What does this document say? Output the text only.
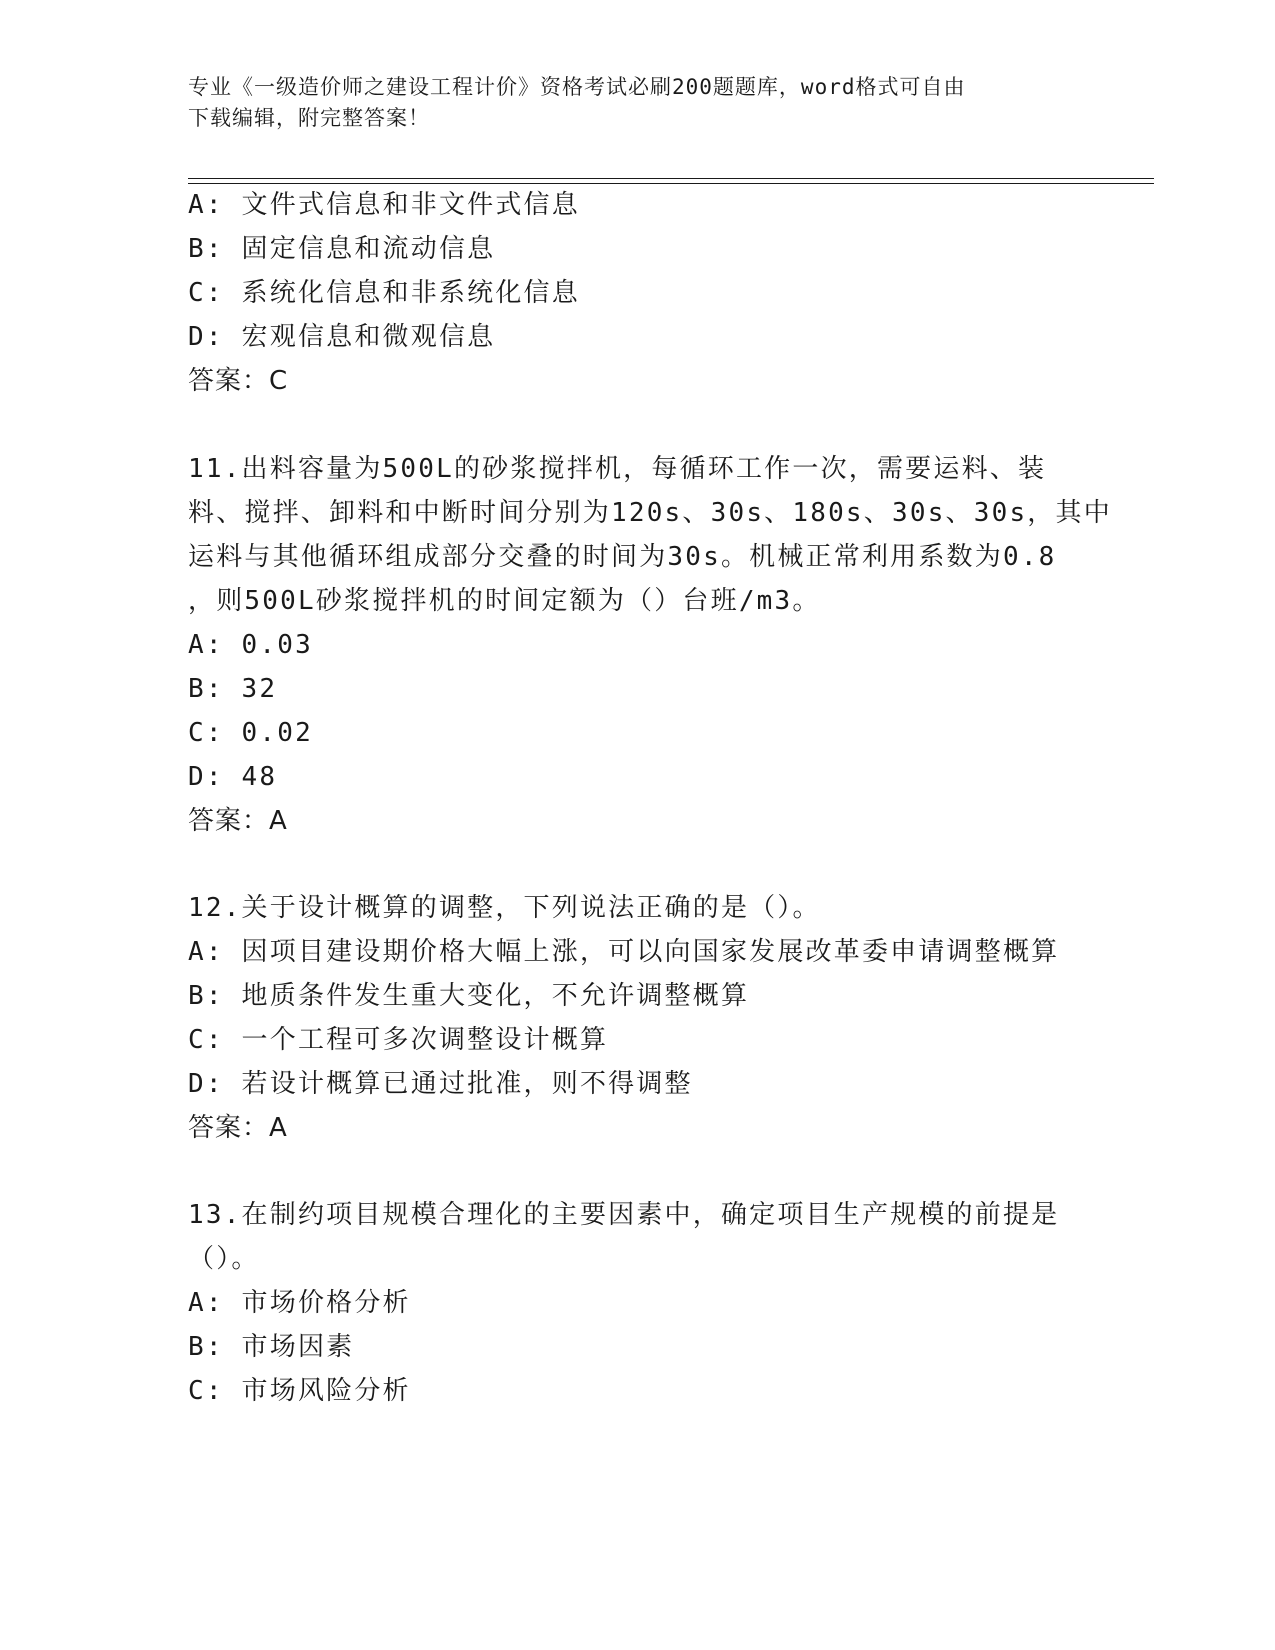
专业《一级造价师之建设工程计价》资格考试必刷200题题库，word格式可自由
下载编辑，附完整答案！
A: 文件式信息和非文件式信息
B: 固定信息和流动信息
C: 系统化信息和非系统化信息
D: 宏观信息和微观信息
答案：C
11.出料容量为500L的砂浆搅拌机，每循环工作一次，需要运料、装
料、搅拌、卸料和中断时间分别为120s、30s、180s、30s、30s，其中
运料与其他循环组成部分交叠的时间为30s。机械正常利用系数为0.8
，则500L砂浆搅拌机的时间定额为（）台班/m3。
A: 0.03
B: 32
C: 0.02
D: 48
答案：A
12.关于设计概算的调整，下列说法正确的是（）。
A: 因项目建设期价格大幅上涨，可以向国家发展改革委申请调整概算
B: 地质条件发生重大变化，不允许调整概算
C: 一个工程可多次调整设计概算
D: 若设计概算已通过批准，则不得调整
答案：A
13.在制约项目规模合理化的主要因素中，确定项目生产规模的前提是
（）。
A: 市场价格分析
B: 市场因素
C: 市场风险分析
